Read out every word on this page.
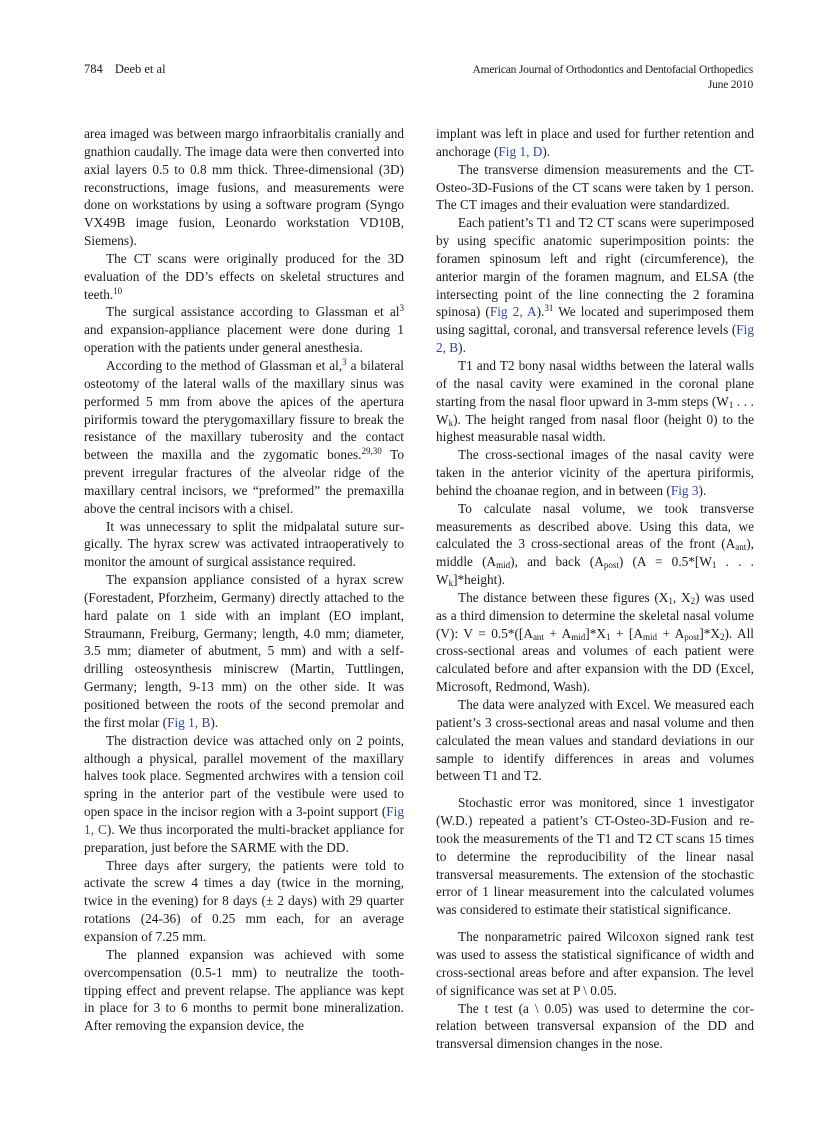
784 Deeb et al	American Journal of Orthodontics and Dentofacial Orthopedics
June 2010

area imaged was between margo infraorbitalis cranially and gnathion caudally. The image data were then converted into axial layers 0.5 to 0.8 mm thick. Three-dimensional (3D) reconstructions, image fusions, and measurements were done on workstations by using a software program (Syngo VX49B image fusion, Leonardo workstation VD10B, Siemens).

The CT scans were originally produced for the 3D evaluation of the DD’s effects on skeletal structures and teeth.$^{10}$

The surgical assistance according to Glassman et $al^3$ and expansion-appliance placement were done during 1 operation with the patients under general anesthesia.

According to the method of Glassman et al,$^3$ a bilateral osteotomy of the lateral walls of the maxillary sinus was performed 5 mm from above the apices of the apertura piriformis toward the pterygomaxillary fissure to break the resistance of the maxillary tuberosity and the contact between the maxilla and the zygomatic bones.$^{29,30}$ To prevent irregular fractures of the alveolar ridge of the maxillary central incisors, we “preformed” the premaxilla above the central incisors with a chisel.

It was unnecessary to split the midpalatal suture surgically. The hyrax screw was activated intraoperatively to monitor the amount of surgical assistance required.

The expansion appliance consisted of a hyrax screw (Forestadent, Pforzheim, Germany) directly attached to the hard palate on 1 side with an implant (EO implant, Straumann, Freiburg, Germany; length, 4.0 mm; diameter, 3.5 mm; diameter of abutment, 5 mm) and with a self-drilling osteosynthesis miniscrew (Martin, Tuttlingen, Germany; length, 9-13 mm) on the other side. It was positioned between the roots of the second premolar and the first molar (Fig 1, B).

The distraction device was attached only on 2 points, although a physical, parallel movement of the maxillary halves took place. Segmented archwires with a tension coil spring in the anterior part of the vestibule were used to open space in the incisor region with a 3-point support (Fig 1, C). We thus incorporated the multi-bracket appliance for preparation, just before the SARME with the DD.

Three days after surgery, the patients were told to activate the screw 4 times a day (twice in the morning, twice in the evening) for 8 days (± 2 days) with 29 quarter rotations (24-36) of 0.25 mm each, for an average expansion of 7.25 mm.

The planned expansion was achieved with some overcompensation (0.5-1 mm) to neutralize the tooth-tipping effect and prevent relapse. The appliance was kept in place for 3 to 6 months to permit bone mineralization. After removing the expansion device, the

implant was left in place and used for further retention and anchorage (Fig 1, D).

The transverse dimension measurements and the CT-Osteo-3D-Fusions of the CT scans were taken by 1 person. The CT images and their evaluation were standardized.

Each patient’s T1 and T2 CT scans were superimposed by using specific anatomic superimposition points: the foramen spinosum left and right (circumference), the anterior margin of the foramen magnum, and ELSA (the intersecting point of the line connecting the 2 foramina spinosa) (Fig 2, A).$^{31}$ We located and superimposed them using sagittal, coronal, and transversal reference levels (Fig 2, B).

T1 and T2 bony nasal widths between the lateral walls of the nasal cavity were examined in the coronal plane starting from the nasal floor upward in 3-mm steps ($W_1$ . . . $W_k$). The height ranged from nasal floor (height 0) to the highest measurable nasal width.

The cross-sectional images of the nasal cavity were taken in the anterior vicinity of the apertura piriformis, behind the choanae region, and in between (Fig 3).

To calculate nasal volume, we took transverse measurements as described above. Using this data, we calculated the 3 cross-sectional areas of the front $(A_{ant})$, middle $(A_{mid})$, and back $(A_{post}) (A = 0.5*[W_1$ . . . $W_k]*height$).

The distance between these figures ($X_1$, $X_2$) was used as a third dimension to determine the skeletal nasal volume (V): $V = 0.5*([A_{ant} + A_{mid}]*X_1 + [A_{mid} + A_{post}]*X_2)$. All cross-sectional areas and volumes of each patient were calculated before and after expansion with the DD (Excel, Microsoft, Redmond, Wash).

The data were analyzed with Excel. We measured each patient’s 3 cross-sectional areas and nasal volume and then calculated the mean values and standard deviations in our sample to identify differences in areas and volumes between T1 and T2.

Stochastic error was monitored, since 1 investigator (W.D.) repeated a patient’s CT-Osteo-3D-Fusion and retook the measurements of the T1 and T2 CT scans 15 times to determine the reproducibility of the linear nasal transversal measurements. The extension of the stochastic error of 1 linear measurement into the calculated volumes was considered to estimate their statistical significance.

The nonparametric paired Wilcoxon signed rank test was used to assess the statistical significance of width and cross-sectional areas before and after expansion. The level of significance was set at P \ 0.05.

The t test (a \ 0.05) was used to determine the correlation between transversal expansion of the DD and transversal dimension changes in the nose.
